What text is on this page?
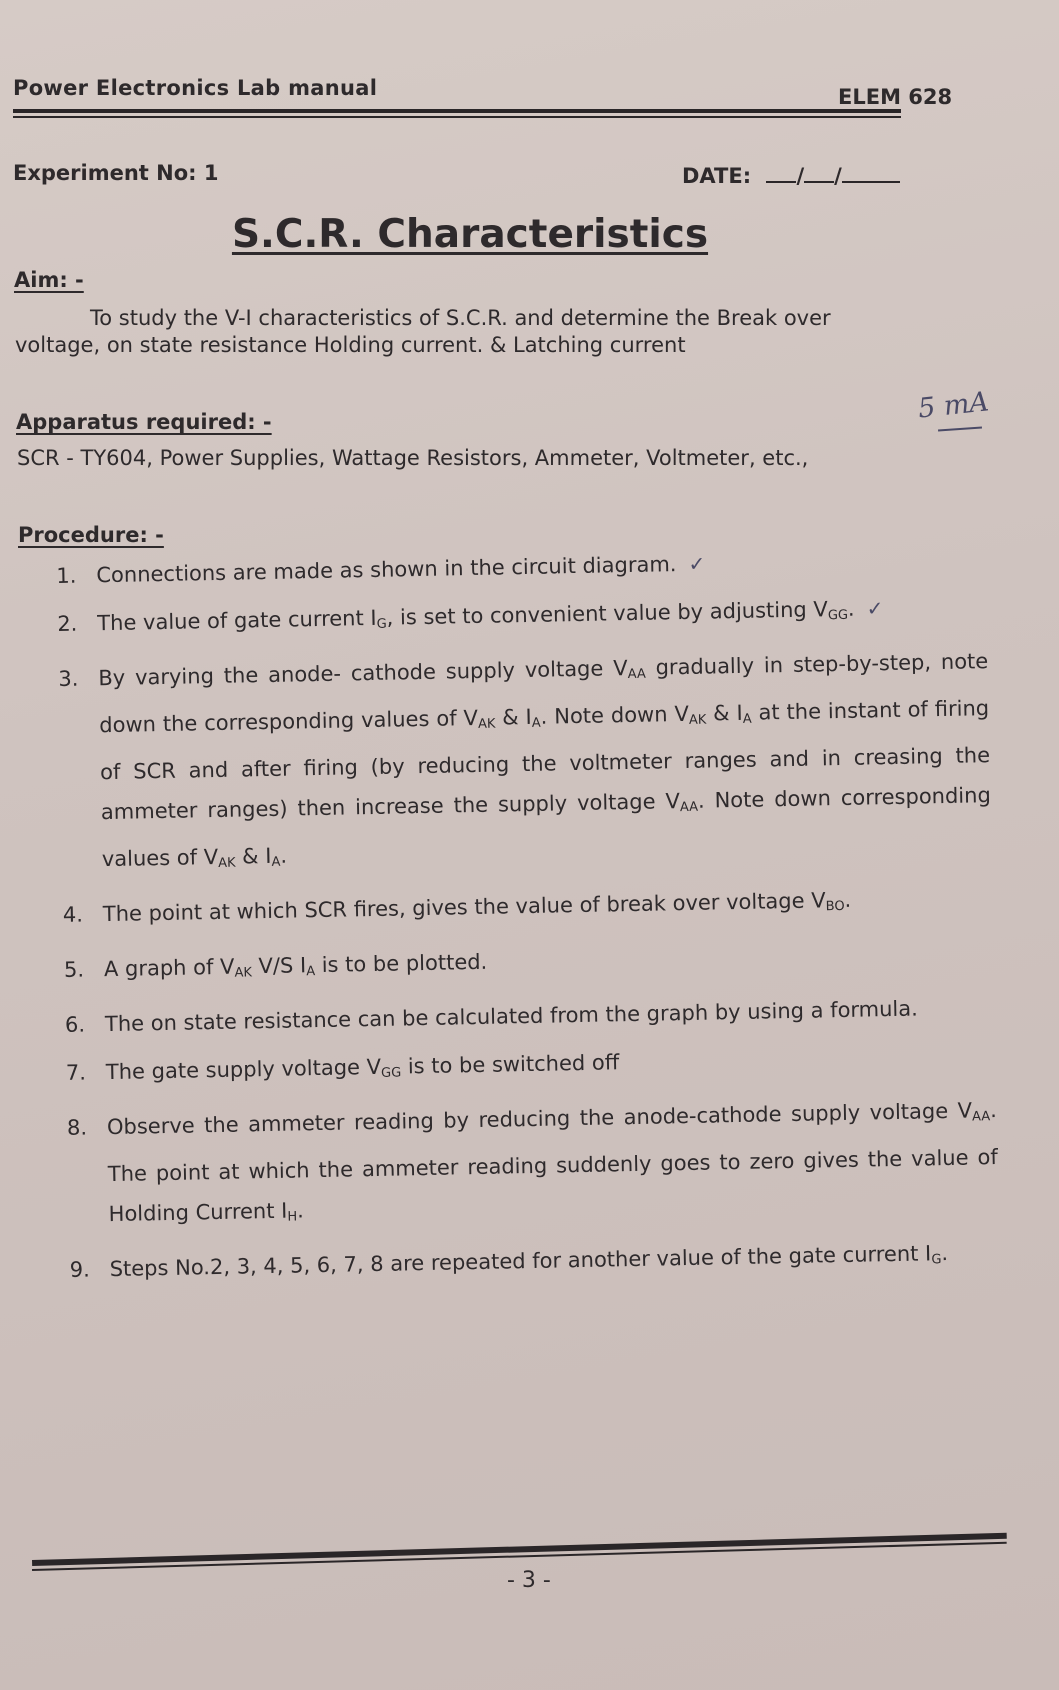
Power Electronics Lab manual	ELEM 628
Experiment No: 1	DATE: / /
S.C.R. Characteristics
Aim: -
To study the V-I characteristics of S.C.R. and determine the Break over
voltage, on state resistance Holding current. & Latching current
Apparatus required: -
SCR - TY604, Power Supplies, Wattage Resistors, Ammeter, Voltmeter, etc.,
5 mA
Procedure: -
1. Connections are made as shown in the circuit diagram. ✓
2. The value of gate current $I_G$, is set to convenient value by adjusting $V_{GG}$. ✓
3. By varying the anode- cathode supply voltage $V_{AA}$ gradually in step-by-step, note down the corresponding values of $V_{AK}$ & $I_A$. Note down $V_{AK}$ & $I_A$ at the instant of firing of SCR and after firing (by reducing the voltmeter ranges and in creasing the ammeter ranges) then increase the supply voltage $V_{AA}$. Note down corresponding values of $V_{AK}$ & $I_A$.
4. The point at which SCR fires, gives the value of break over voltage $V_{BO}$.
5. A graph of $V_{AK}$ V/S $I_A$ is to be plotted.
6. The on state resistance can be calculated from the graph by using a formula.
7. The gate supply voltage $V_{GG}$ is to be switched off
8. Observe the ammeter reading by reducing the anode-cathode supply voltage $V_{AA}$. The point at which the ammeter reading suddenly goes to zero gives the value of Holding Current $I_H$.
9. Steps No.2, 3, 4, 5, 6, 7, 8 are repeated for another value of the gate current $I_G$.
- 3 -
